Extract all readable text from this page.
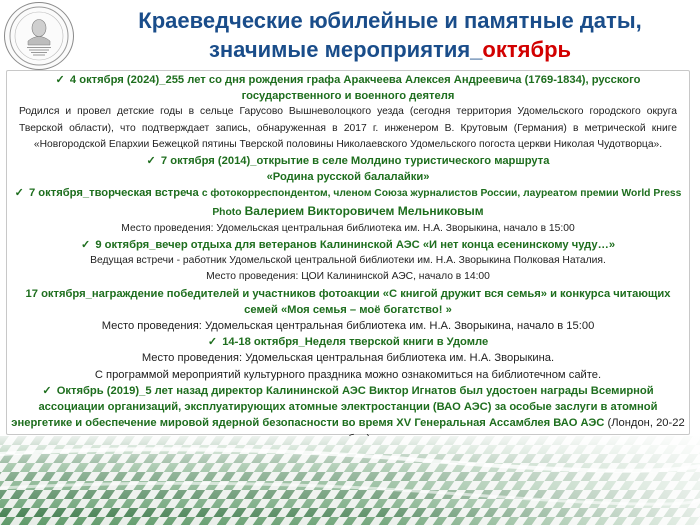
Краеведческие юбилейные и памятные даты,
значимые мероприятия_октябрь
✓ 4 октября (2024)_255 лет со дня рождения графа Аракчеева Алексея Андреевича (1769-1834), русского государственного и военного деятеля
Родился и провел детские годы в сельце Гарусово Вышневолоцкого уезда (сегодня территория Удомельского городского округа Тверской области), что подтверждает запись, обнаруженная в 2017 г. инженером В. Крутовым (Германия) в метрической книге «Новгородской Епархии Бежецкой пятины Тверской половины Николаевского Удомельского погоста церкви Николая Чудотворца».
✓ 7 октября (2014)_открытие в селе Молдино туристического маршрута
«Родина русской балалайки»
✓ 7 октября_творческая встреча с фотокорреспондентом, членом Союза журналистов России, лауреатом премии World Press Photo Валерием Викторовичем Мельниковым
Место проведения: Удомельская центральная библиотека им. Н.А. Зворыкина, начало в 15:00
✓ 9 октября_вечер отдыха для ветеранов Калининской АЭС «И нет конца есенинскому чуду…»
Ведущая встречи - работник Удомельской центральной библиотеки им. Н.А. Зворыкина Полковая Наталия.
Место проведения: ЦОИ Калининской АЭС, начало в 14:00
17 октября_награждение победителей и участников фотоакции «С книгой дружит вся семья» и конкурса читающих семей «Моя семья – моё богатство! »
Место проведения: Удомельская центральная библиотека им. Н.А. Зворыкина, начало в 15:00
✓ 14-18 октября_Неделя тверской книги в Удомле
Место проведения: Удомельская центральная библиотека им. Н.А. Зворыкина.
С программой мероприятий культурного праздника можно ознакомиться на библиотечном сайте.
✓ Октябрь (2019)_5 лет назад директор Калининской АЭС Виктор Игнатов был удостоен награды Всемирной ассоциации организаций, эксплуатирующих атомные электростанции (ВАО АЭС) за особые заслуги в атомной энергетике и обеспечение мировой ядерной безопасности во время XV Генеральная Ассамблея ВАО АЭС (Лондон, 20-22
